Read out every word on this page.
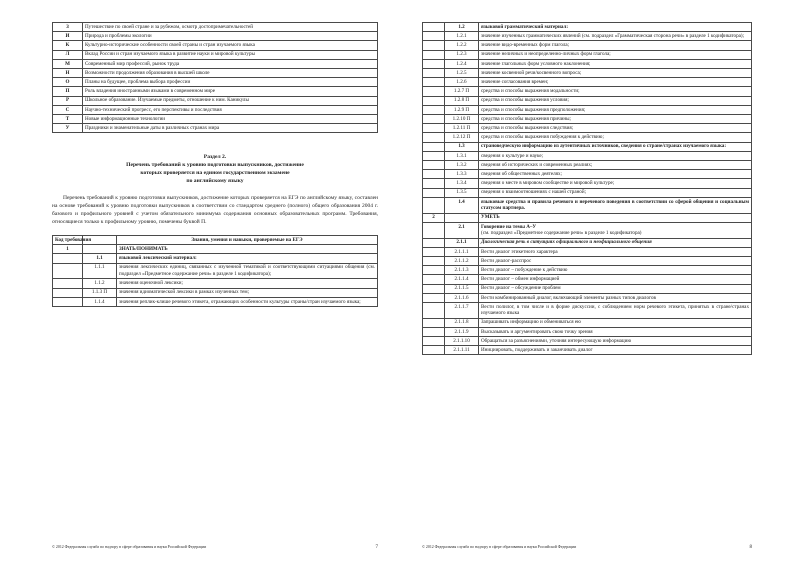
З	Путешествие по своей стране и за рубежом, осмотр достопримечательностей
И	Природа и проблемы экологии
К	Культурно-исторические особенности своей страны и стран изучаемого языка
Л	Вклад России и стран изучаемого языка в развитие науки и мировой культуры
М	Современный мир профессий, рынок труда
Н	Возможности продолжения образования в высшей школе
О	Планы на будущее, проблема выбора профессии
П	Роль владения иностранными языками в современном мире
Р	Школьное образование. Изучаемые предметы, отношение к ним. Каникулы
С	Научно-технический прогресс, его перспективы и последствия
Т	Новые информационные технологии
У	Праздники и знаменательные даты в различных странах мира
Раздел 2.
Перечень требований к уровню подготовки выпускников, достижение
которых проверяется на едином государственном экзамене
по английскому языку

Перечень требований к уровню подготовки выпускников, достижение которых проверяется на ЕГЭ по английскому языку, составлен на основе требований к уровню подготовки выпускников в соответствии со стандартом среднего (полного) общего образования 2004 г. базового и профильного уровней с учетом обязательного минимума содержания основных образовательных программ. Требования, относящиеся только к профильному уровню, помечены буквой П.

Код требования		Знания, умения и навыки, проверяемые на ЕГЭ
1		ЗНАТЬ/ПОНИМАТЬ
	1.1	языковой лексический материал:
	1.1.1	значения лексических единиц, связанных с изученной тематикой и соответствующими ситуациями общения (см. подраздел «Предметное содержание речи» в разделе 1 кодификатора);
	1.1.2	значения оценочной лексики;
	1.1.3 П	значения идиоматической лексики в рамках изученных тем;
	1.1.4	значения реплик-клише речевого этикета, отражающих особенности культуры страны/стран изучаемого языка;
© 2012 Федеральная служба по надзору в сфере образования и науки Российской Федерации	7
	1.2	языковой грамматический материал:
	1.2.1	значение изученных грамматических явлений (см. подраздел «Грамматическая сторона речи» в разделе 1 кодификатора);
	1.2.2	значение видо-временных форм глагола;
	1.2.3	значение неличных и неопределенно-личных форм глагола;
	1.2.4	значение глагольных форм условного наклонения;
	1.2.5	значение косвенной речи/косвенного вопроса;
	1.2.6	значение согласования времен;
	1.2.7 П	средства и способы выражения модальности;
	1.2.8 П	средства и способы выражения условия;
	1.2.9 П	средства и способы выражения предположения;
	1.2.10 П	средства и способы выражения причины;
	1.2.11 П	средства и способы выражения следствия;
	1.2.12 П	средства и способы выражения побуждения к действию;
	1.3	страноведческую информацию из аутентичных источников, сведения о стране/странах изучаемого языка:
	1.3.1	сведения о культуре и науке;
	1.3.2	сведения об исторических и современных реалиях;
	1.3.3	сведения об общественных деятелях;
	1.3.4	сведения о месте в мировом сообществе и мировой культуре;
	1.3.5	сведения о взаимоотношениях с нашей страной;
	1.4	языковые средства и правила речевого и неречевого поведения в соответствии со сферой общения и социальным статусом партнера.
2		УМЕТЬ
	2.1	Говорение на темы А–У
(см. подраздел «Предметное содержание речи» в разделе 1 кодификатора)

	2.1.1	Диалогическая речь в ситуациях официального и неофициального общения
	2.1.1.1	Вести диалог этикетного характера
	2.1.1.2	Вести диалог-расспрос
	2.1.1.3	Вести диалог – побуждение к действию
	2.1.1.4	Вести диалог – обмен информацией
	2.1.1.5	Вести диалог – обсуждение проблем
	2.1.1.6	Вести комбинированный диалог, включающий элементы разных типов диалогов
	2.1.1.7	Вести полилог, в том числе и в форме дискуссии, с соблюдением норм речевого этикета, принятых в стране/странах изучаемого языка
	2.1.1.8	Запрашивать информацию и обмениваться ею
	2.1.1.9	Высказывать и аргументировать свою точку зрения
	2.1.1.10	Обращаться за разъяснениями, уточняя интересующую информацию
	2.1.1.11	Инициировать, поддерживать и заканчивать диалог
© 2012 Федеральная служба по надзору в сфере образования и науки Российской Федерации	8
